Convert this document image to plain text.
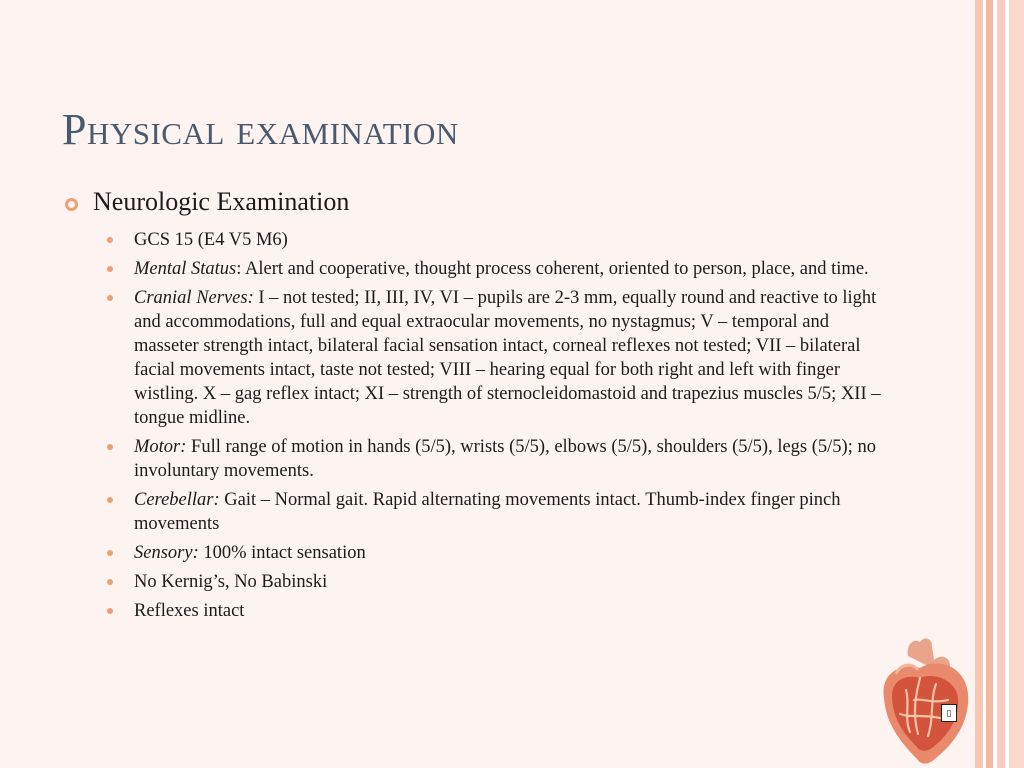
Physical examination
Neurologic Examination
GCS 15 (E4 V5 M6)
Mental Status: Alert and cooperative, thought process coherent, oriented to person, place, and time.
Cranial Nerves: I – not tested; II, III, IV, VI – pupils are 2-3 mm, equally round and reactive to light and accommodations, full and equal extraocular movements, no nystagmus; V – temporal and masseter strength intact, bilateral facial sensation intact, corneal reflexes not tested; VII – bilateral facial movements intact, taste not tested; VIII – hearing equal for both right and left with finger wistling. X – gag reflex intact; XI – strength of sternocleidomastoid and trapezius muscles 5/5; XII – tongue midline.
Motor: Full range of motion in hands (5/5), wrists (5/5), elbows (5/5), shoulders (5/5), legs (5/5); no involuntary movements.
Cerebellar: Gait – Normal gait. Rapid alternating movements intact. Thumb-index finger pinch movements
Sensory: 100% intact sensation
No Kernig’s, No Babinski
Reflexes intact
▯
